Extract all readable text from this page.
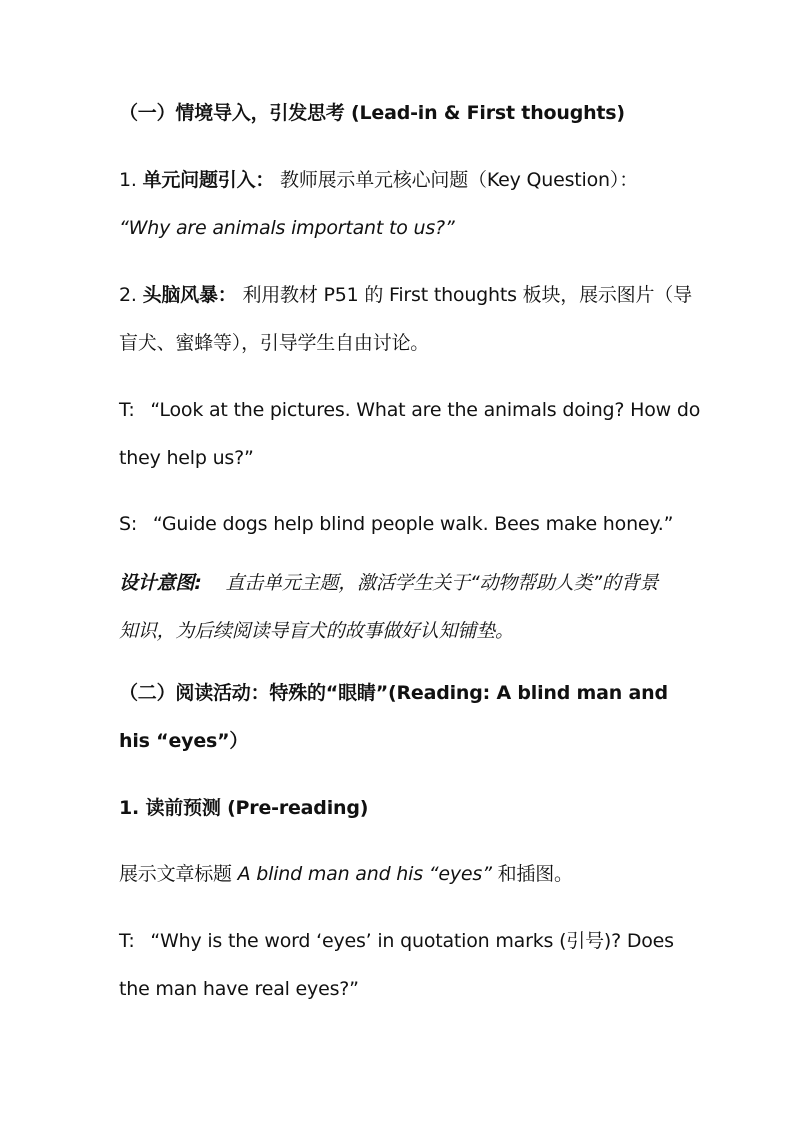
（一）情境导入，引发思考 (Lead-in & First thoughts)
1. 单元问题引入： 教师展示单元核心问题（Key Question）：
“Why are animals important to us?”
2. 头脑风暴： 利用教材 P51 的 First thoughts 板块，展示图片（导
盲犬、蜜蜂等），引导学生自由讨论。
T: “Look at the pictures. What are the animals doing? How do
they help us?”
S: “Guide dogs help blind people walk. Bees make honey.”
设计意图: 直击单元主题，激活学生关于“动物帮助人类”的背景
知识，为后续阅读导盲犬的故事做好认知铺垫。
（二）阅读活动：特殊的“眼睛”(Reading: A blind man and
his “eyes”）
1. 读前预测 (Pre-reading)
展示文章标题 A blind man and his “eyes” 和插图。
T: “Why is the word ‘eyes’ in quotation marks (引号)? Does
the man have real eyes?”
